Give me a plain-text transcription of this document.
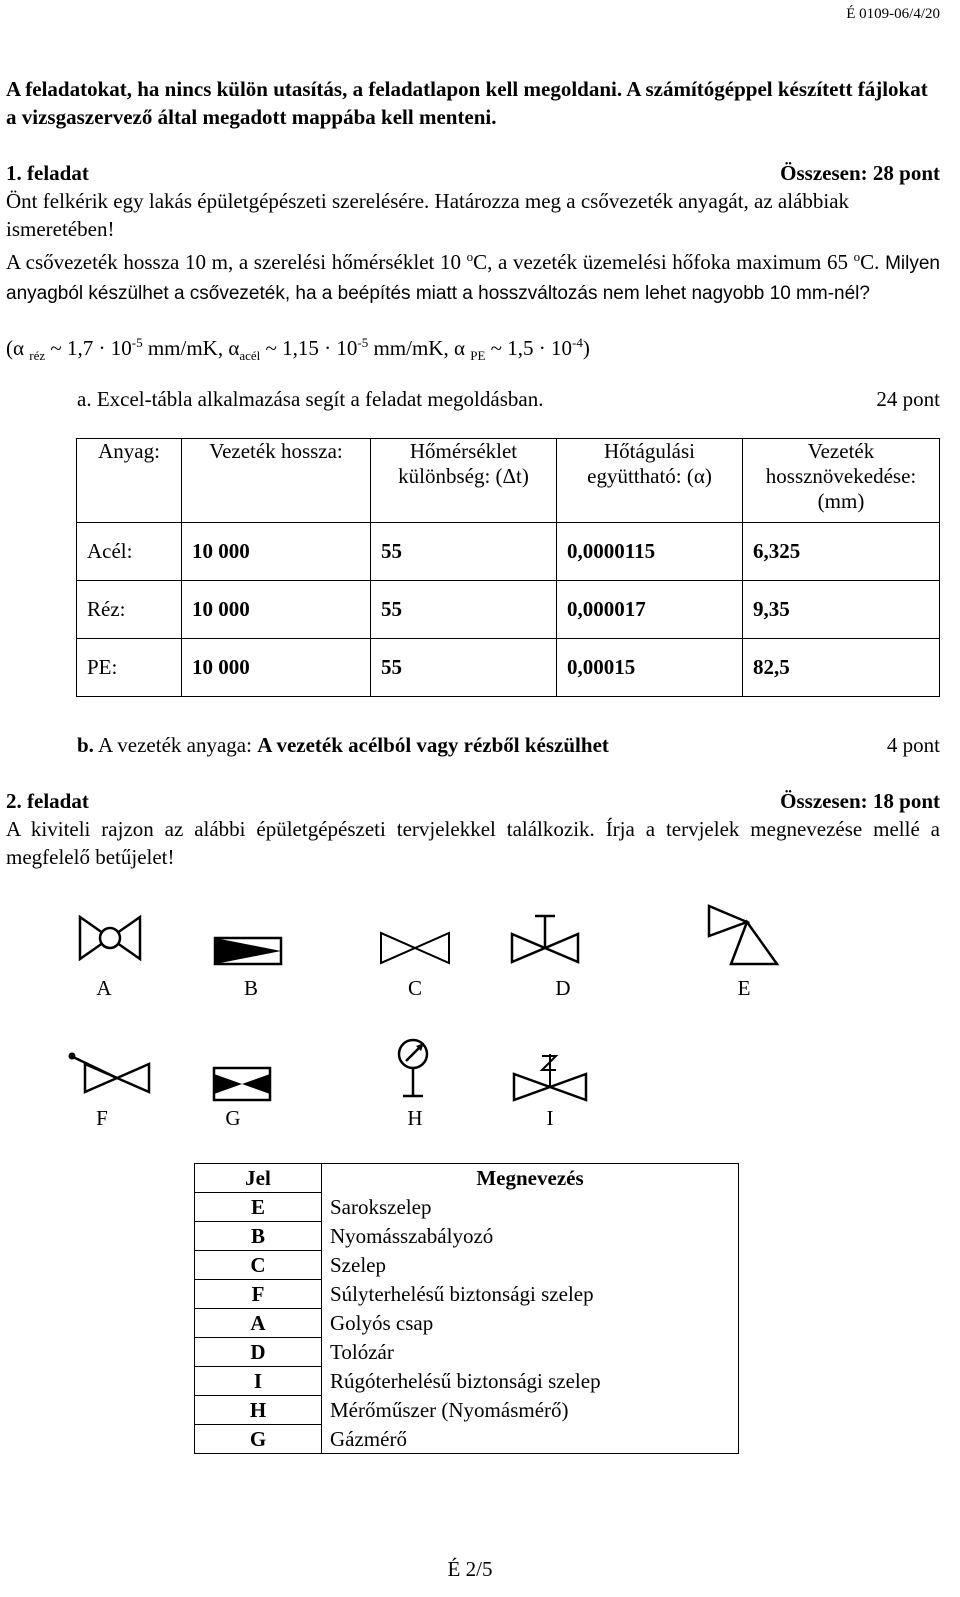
É 0109-06/4/20
A feladatokat, ha nincs külön utasítás, a feladatlapon kell megoldani. A számítógéppel készített fájlokat a vizsgaszervező által megadott mappába kell menteni.
1. feladat	Összesen: 28 pont
Önt felkérik egy lakás épületgépészeti szerelésére. Határozza meg a csővezeték anyagát, az alábbiak ismeretében!
A csővezeték hossza 10 m, a szerelési hőmérséklet 10 $^o$C, a vezeték üzemelési hőfoka maximum 65 $^o$C. Milyen anyagból készülhet a csővezeték, ha a beépítés miatt a hosszváltozás nem lehet nagyobb 10 mm-nél?
(α $_{réz}$ ~ $1,7 \cdot 10^{-5}$ mm/mK, $\alpha_{acél}$ ~ $1,15 \cdot 10^{-5}$ mm/mK, α $_{PE}$ ~ $1,5 \cdot 10^{-4}$)
a. Excel-tábla alkalmazása segít a feladat megoldásban.	24 pont
Anyag:	Vezeték hossza:	Hőmérséklet különbség: (Δt)	Hőtágulási együttható: (α)	Vezeték hossznövekedése: (mm)
Acél:	10 000	55	0,0000115	6,325
Réz:	10 000	55	0,000017	9,35
PE:	10 000	55	0,00015	82,5
b. A vezeték anyaga: A vezeték acélból vagy rézből készülhet	4 pont
2. feladat	Összesen: 18 pont
A kiviteli rajzon az alábbi épületgépészeti tervjelekkel találkozik. Írja a tervjelek megnevezése mellé a megfelelő betűjelet!
A	B	C	D	E
F	G	H	I
Jel	Megnevezés
E	Sarokszelep
B	Nyomásszabályozó
C	Szelep
F	Súlyterhelésű biztonsági szelep
A	Golyós csap
D	Tolózár
I	Rúgóterhelésű biztonsági szelep
H	Mérőműszer (Nyomásmérő)
G	Gázmérő
É 2/5
